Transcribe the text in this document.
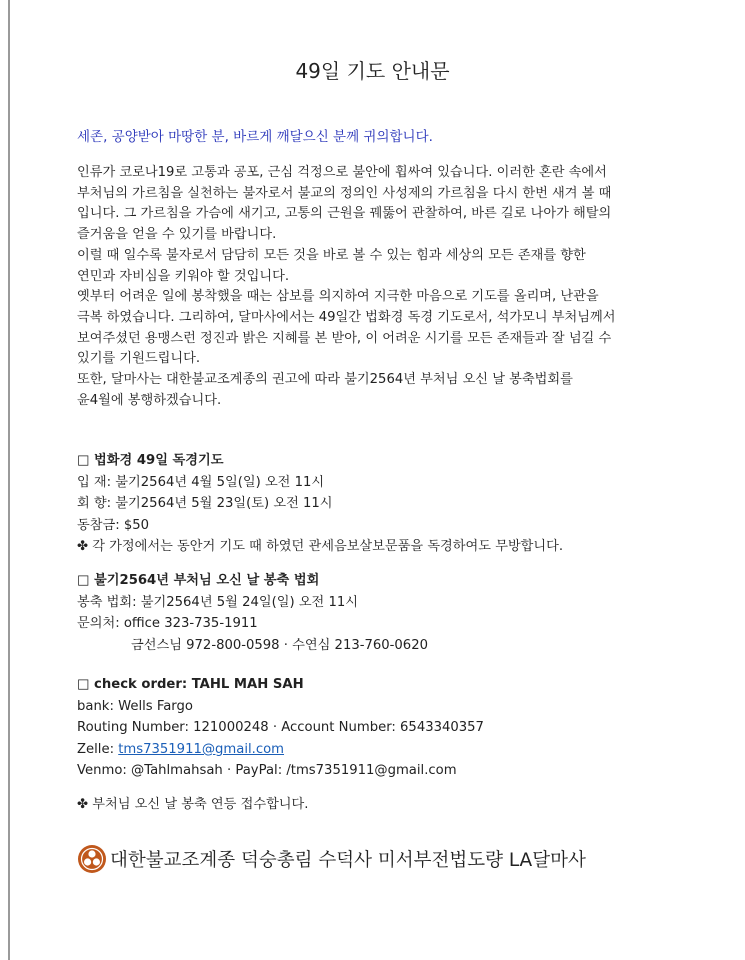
49일 기도 안내문
세존, 공양받아 마땅한 분, 바르게 깨달으신 분께 귀의합니다.
인류가 코로나19로 고통과 공포, 근심 걱정으로 불안에 휩싸여 있습니다. 이러한 혼란 속에서
부처님의 가르침을 실천하는 불자로서 불교의 정의인 사성제의 가르침을 다시 한번 새겨 볼 때
입니다. 그 가르침을 가슴에 새기고, 고통의 근원을 꿰뚫어 관찰하여, 바른 길로 나아가 해탈의
즐거움을 얻을 수 있기를 바랍니다.
이럴 때 일수록 불자로서 담담히 모든 것을 바로 볼 수 있는 힘과 세상의 모든 존재를 향한
연민과 자비심을 키워야 할 것입니다.
옛부터 어려운 일에 봉착했을 때는 삼보를 의지하여 지극한 마음으로 기도를 올리며, 난관을
극복 하였습니다. 그리하여, 달마사에서는 49일간 법화경 독경 기도로서, 석가모니 부처님께서
보여주셨던 용맹스런 정진과 밝은 지혜를 본 받아, 이 어려운 시기를 모든 존재들과 잘 넘길 수
있기를 기원드립니다.
또한, 달마사는 대한불교조계종의 권고에 따라 불기2564년 부처님 오신 날 봉축법회를
윤4월에 봉행하겠습니다.
□ 법화경 49일 독경기도
입 재: 불기2564년 4월 5일(일) 오전 11시
회 향: 불기2564년 5월 23일(토) 오전 11시
동참금: $50
✤ 각 가정에서는 동안거 기도 때 하였던 관세음보살보문품을 독경하여도 무방합니다.
□ 불기2564년 부처님 오신 날 봉축 법회
봉축 법회: 불기2564년 5월 24일(일) 오전 11시
문의처: office 323-735-1911
금선스님 972-800-0598 · 수연심 213-760-0620
□ check order: TAHL MAH SAH
bank: Wells Fargo
Routing Number: 121000248 · Account Number: 6543340357
Zelle: tms7351911@gmail.com
Venmo: @Tahlmahsah · PayPal: /tms7351911@gmail.com
✤ 부처님 오신 날 봉축 연등 접수합니다.
대한불교조계종 덕숭총림 수덕사 미서부전법도량 LA달마사
